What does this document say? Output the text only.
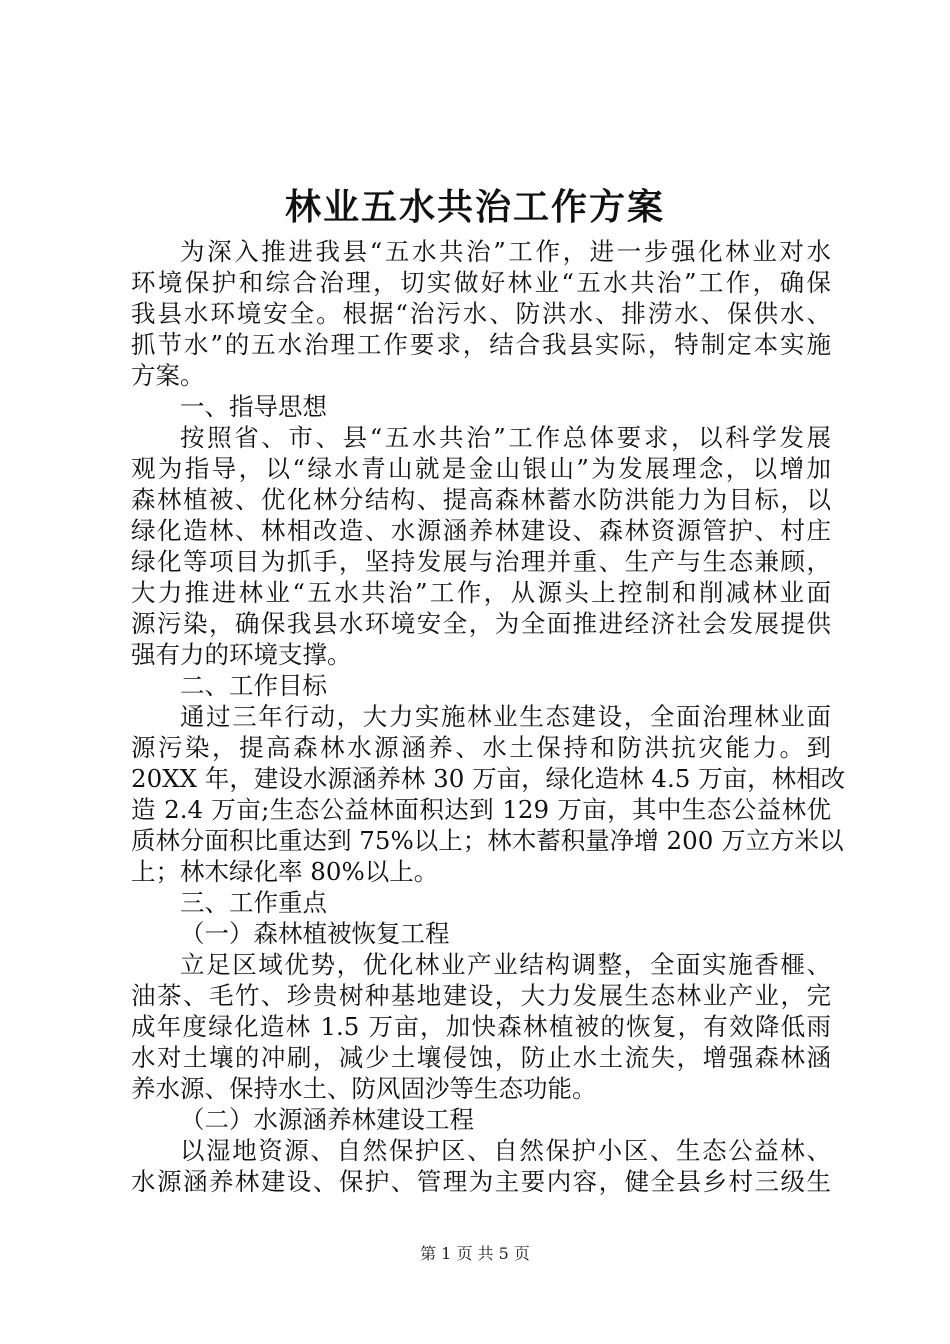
林业五水共治工作方案
为深入推进我县“五水共治”工作，进一步强化林业对水
环境保护和综合治理，切实做好林业“五水共治”工作，确保
我县水环境安全。根据“治污水、防洪水、排涝水、保供水、
抓节水”的五水治理工作要求，结合我县实际，特制定本实施
方案。
一、指导思想
按照省、市、县“五水共治”工作总体要求，以科学发展
观为指导，以“绿水青山就是金山银山”为发展理念，以增加
森林植被、优化林分结构、提高森林蓄水防洪能力为目标，以
绿化造林、林相改造、水源涵养林建设、森林资源管护、村庄
绿化等项目为抓手，坚持发展与治理并重、生产与生态兼顾，
大力推进林业“五水共治”工作，从源头上控制和削减林业面
源污染，确保我县水环境安全，为全面推进经济社会发展提供
强有力的环境支撑。
二、工作目标
通过三年行动，大力实施林业生态建设，全面治理林业面
源污染，提高森林水源涵养、水土保持和防洪抗灾能力。到
20XX 年，建设水源涵养林 30 万亩，绿化造林 4.5 万亩，林相改
造 2.4 万亩;生态公益林面积达到 129 万亩，其中生态公益林优
质林分面积比重达到 75%以上；林木蓄积量净增 200 万立方米以
上；林木绿化率 80%以上。
三、工作重点
（一）森林植被恢复工程
立足区域优势，优化林业产业结构调整，全面实施香榧、
油茶、毛竹、珍贵树种基地建设，大力发展生态林业产业，完
成年度绿化造林 1.5 万亩，加快森林植被的恢复，有效降低雨
水对土壤的冲刷，减少土壤侵蚀，防止水土流失，增强森林涵
养水源、保持水土、防风固沙等生态功能。
（二）水源涵养林建设工程
以湿地资源、自然保护区、自然保护小区、生态公益林、
水源涵养林建设、保护、管理为主要内容，健全县乡村三级生
第 1 页 共 5 页
